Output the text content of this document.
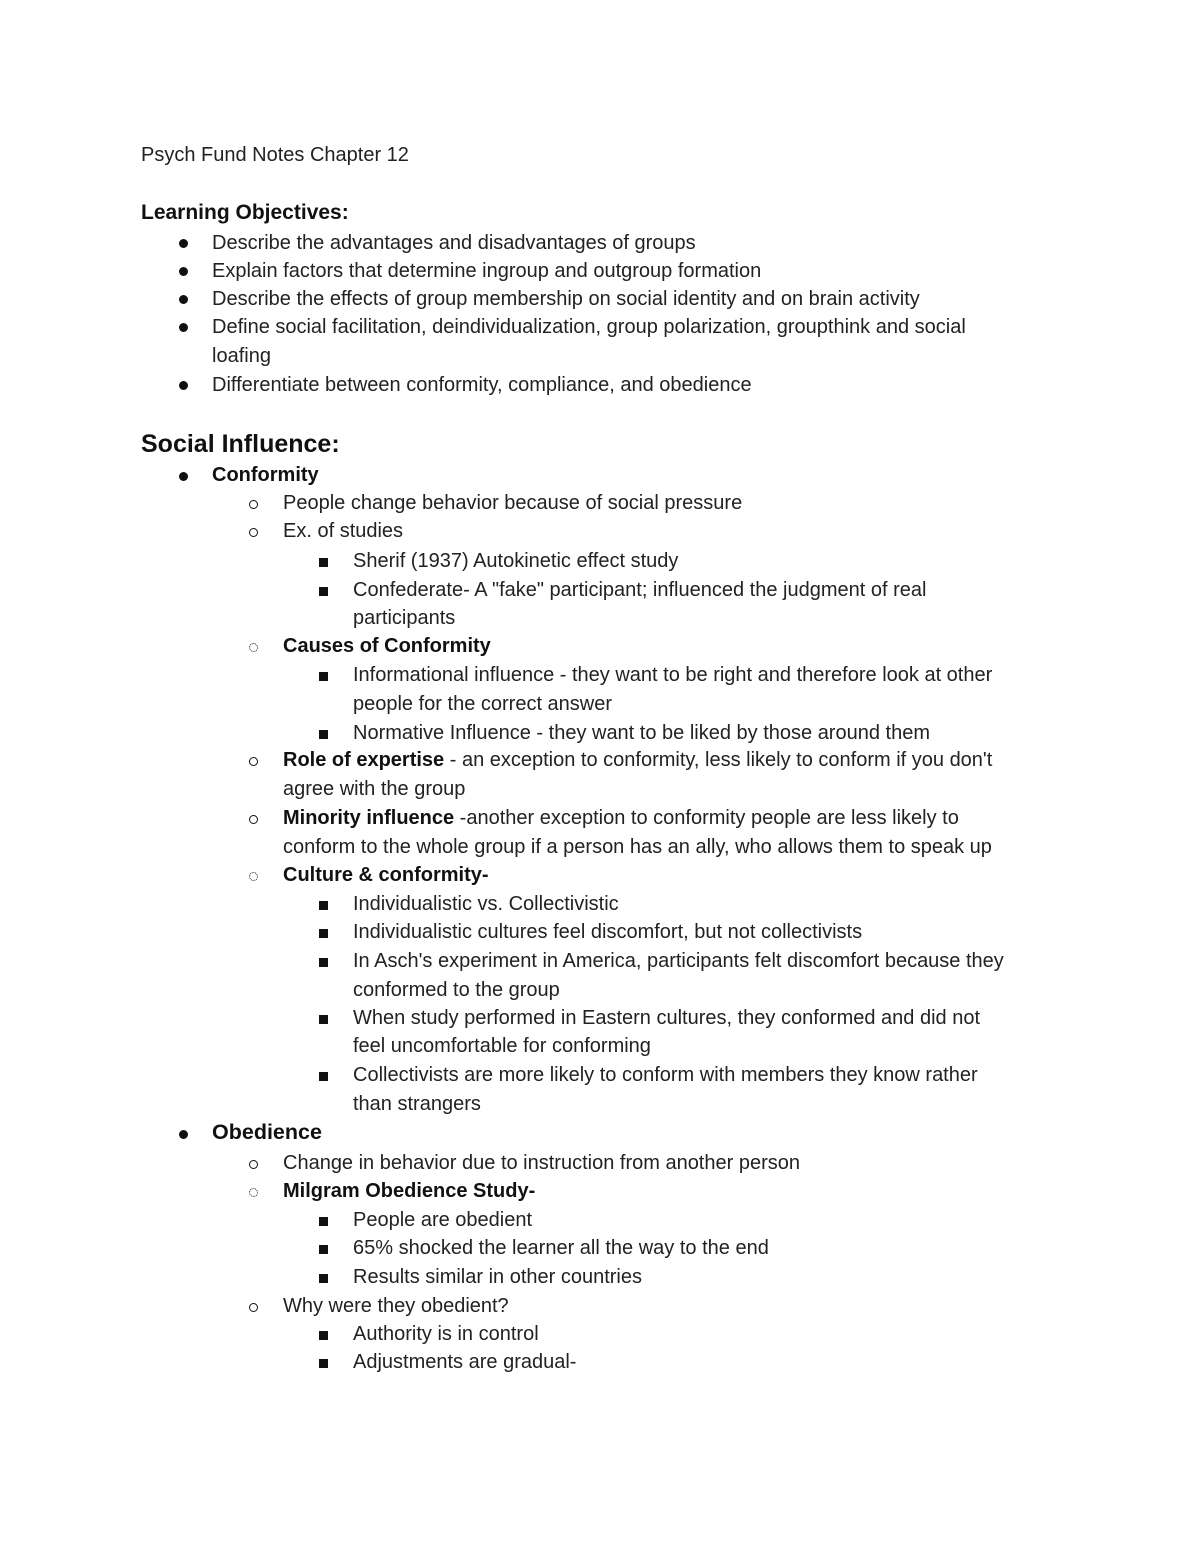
Psych Fund Notes Chapter 12
Learning Objectives:
Describe the advantages and disadvantages of groups
Explain factors that determine ingroup and outgroup formation
Describe the effects of group membership on social identity and on brain activity
Define social facilitation, deindividualization, group polarization, groupthink and social
loafing
Differentiate between conformity, compliance, and obedience
Social Influence:
Conformity
People change behavior because of social pressure
Ex. of studies
Sherif (1937) Autokinetic effect study
Confederate- A "fake" participant; influenced the judgment of real
participants
Causes of Conformity
Informational influence - they want to be right and therefore look at other
people for the correct answer
Normative Influence - they want to be liked by those around them
Role of expertise - an exception to conformity, less likely to conform if you don't
agree with the group
Minority influence -another exception to conformity people are less likely to
conform to the whole group if a person has an ally, who allows them to speak up
Culture & conformity-
Individualistic vs. Collectivistic
Individualistic cultures feel discomfort, but not collectivists
In Asch's experiment in America, participants felt discomfort because they
conformed to the group
When study performed in Eastern cultures, they conformed and did not
feel uncomfortable for conforming
Collectivists are more likely to conform with members they know rather
than strangers
Obedience
Change in behavior due to instruction from another person
Milgram Obedience Study-
People are obedient
65% shocked the learner all the way to the end
Results similar in other countries
Why were they obedient?
Authority is in control
Adjustments are gradual-
